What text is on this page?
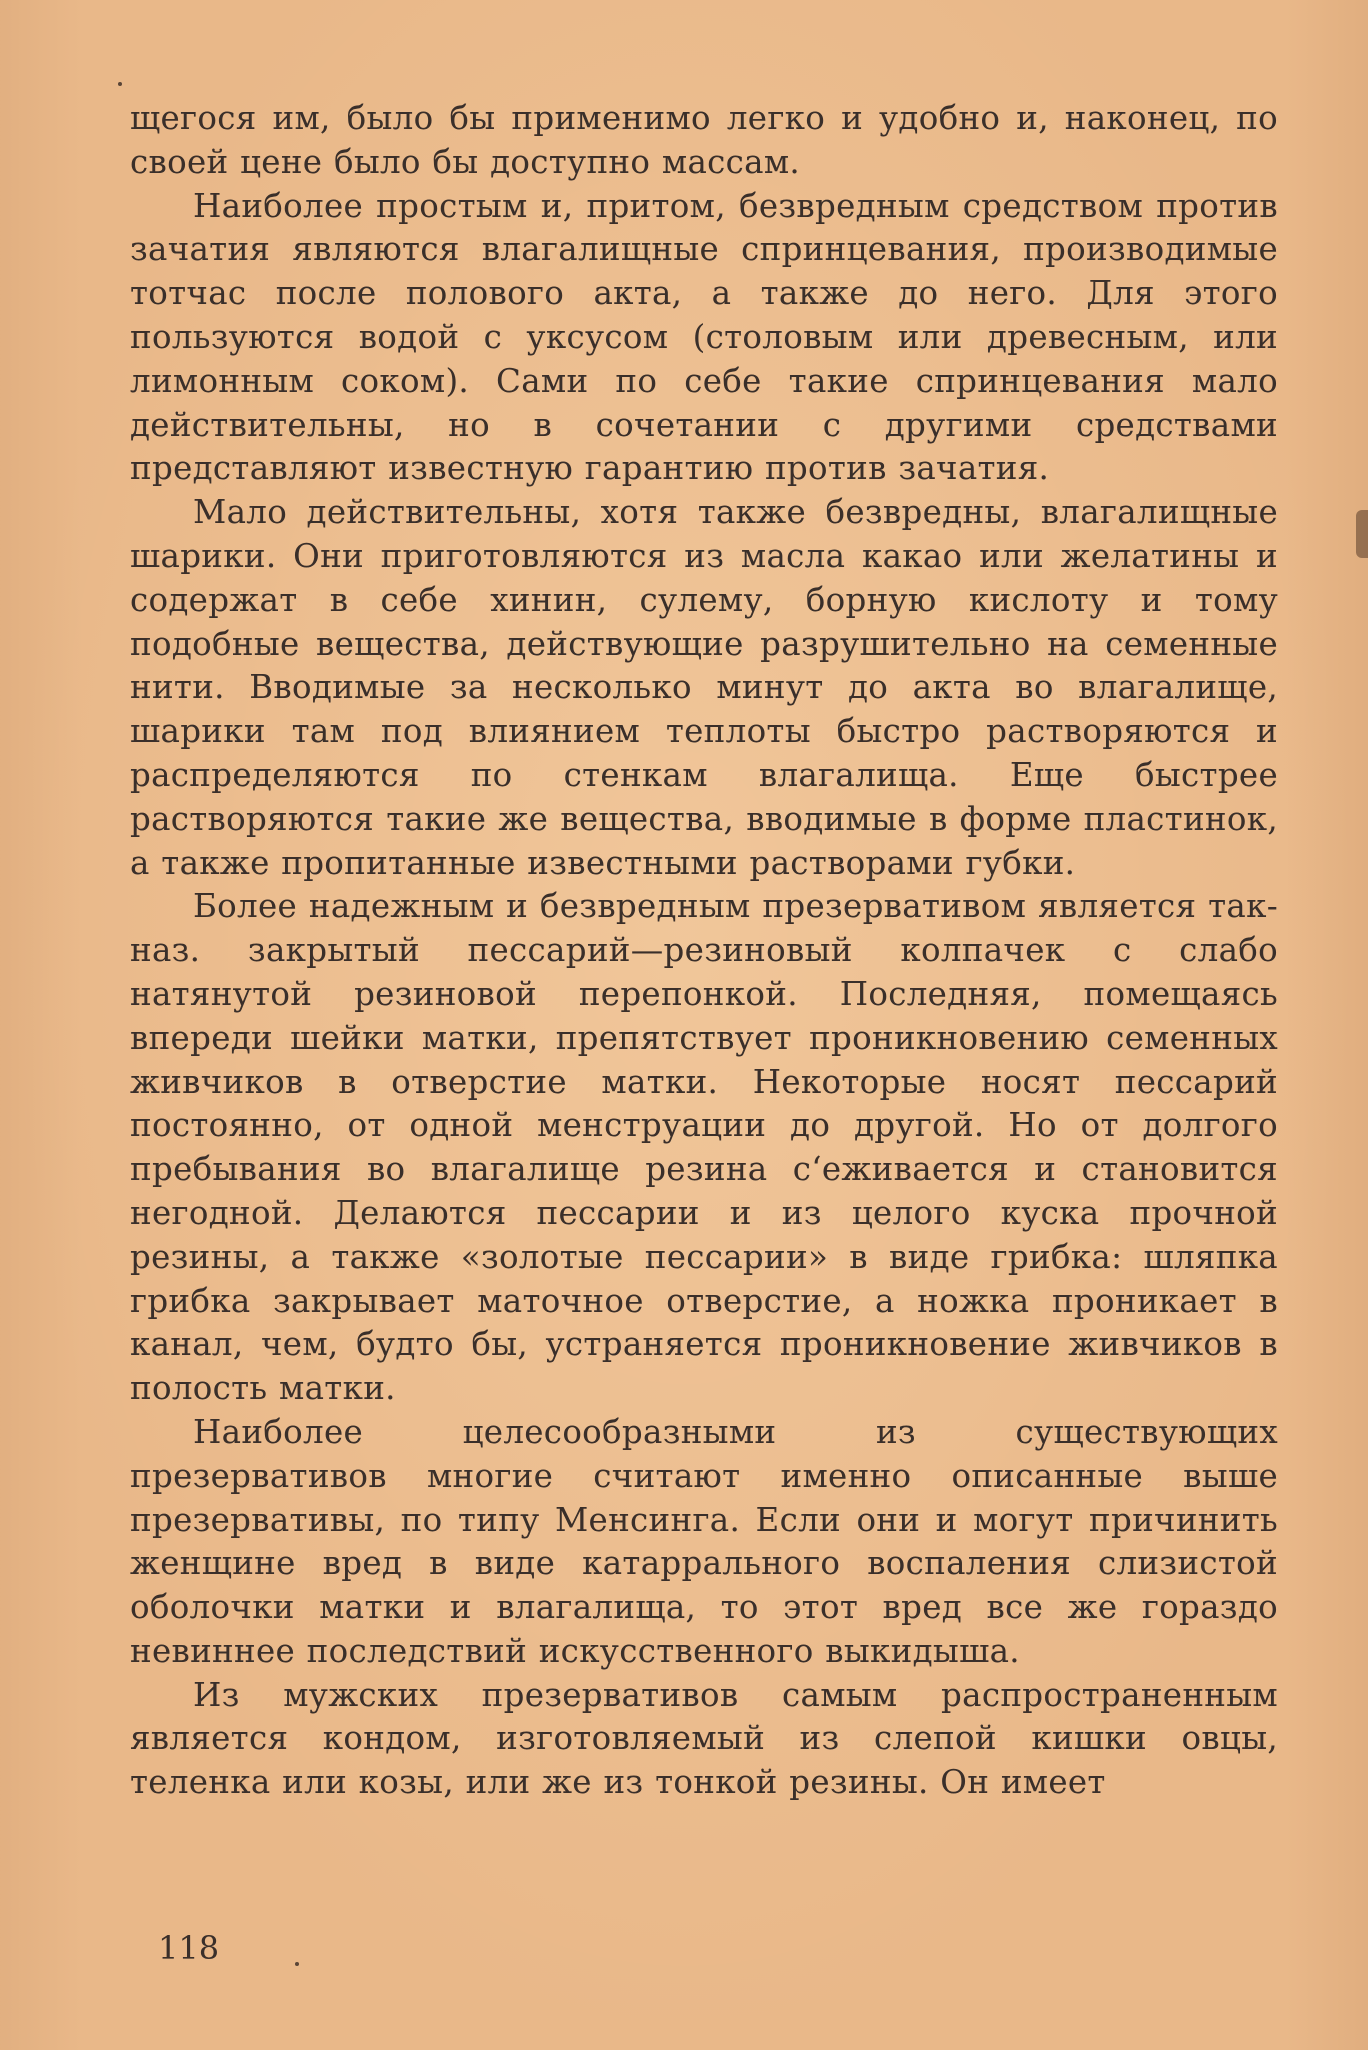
щегося им, было бы применимо легко и удобно и, наконец, по своей цене было бы доступно массам.

Наиболее простым и, притом, безвредным средством против зачатия являются влагалищные спринцевания, производимые тотчас после полового акта, а также до него. Для этого пользуются водой с уксусом (столовым или древесным, или лимонным соком). Сами по себе такие спринцевания мало действительны, но в сочетании с другими средствами представляют известную гарантию против зачатия.

Мало действительны, хотя также безвредны, влагалищные шарики. Они приготовляются из масла какао или желатины и содержат в себе хинин, сулему, борную кислоту и тому подобные вещества, действующие разрушительно на семенные нити. Вводимые за несколько минут до акта во влагалище, шарики там под влиянием теплоты быстро растворяются и распределяются по стенкам влагалища. Еще быстрее растворяются такие же вещества, вводимые в форме пластинок, а также пропитанные известными растворами губки.

Более надежным и безвредным презервативом является так-наз. закрытый пессарий—резиновый колпачек с слабо натянутой резиновой перепонкой. Последняя, помещаясь впереди шейки матки, препятствует проникновению семенных живчиков в отверстие матки. Некоторые носят пессарий постоянно, от одной менструации до другой. Но от долгого пребывания во влагалище резина с‘еживается и становится негодной. Делаются пессарии и из целого куска прочной резины, а также «золотые пессарии» в виде грибка: шляпка грибка закрывает маточное отверстие, а ножка проникает в канал, чем, будто бы, устраняется проникновение живчиков в полость матки.

Наиболее целесообразными из существующих презервативов многие считают именно описанные выше презервативы, по типу Менсинга. Если они и могут причинить женщине вред в виде катаррального воспаления слизистой оболочки матки и влагалища, то этот вред все же гораздо невиннее последствий искусственного выкидыша.

Из мужских презервативов самым распространенным является кондом, изготовляемый из слепой кишки овцы, теленка или козы, или же из тонкой резины. Он имеет

118
